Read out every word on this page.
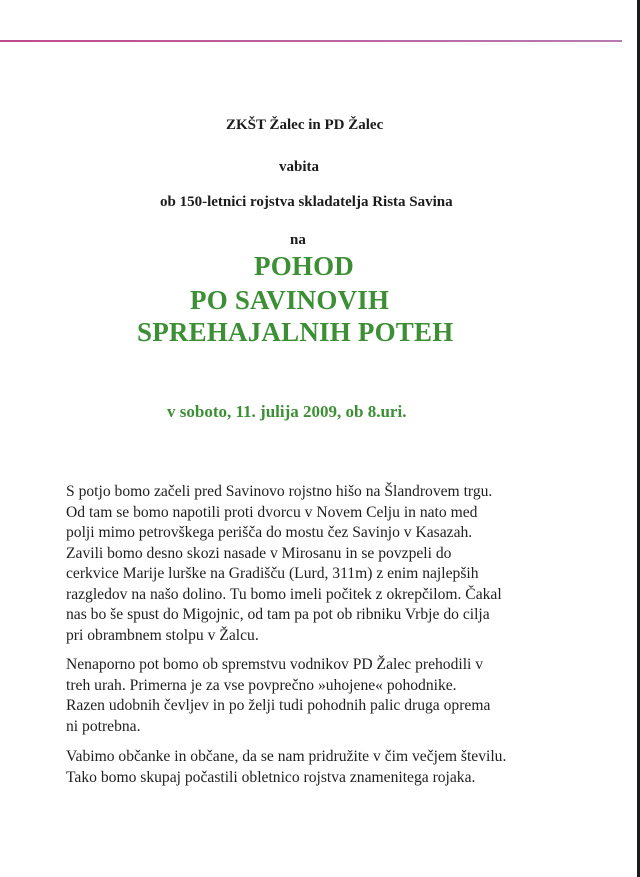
ZKŠT Žalec in PD Žalec
vabita
ob 150-letnici rojstva skladatelja Rista Savina
na
POHOD
PO SAVINOVIH
SPREHAJALNIH POTEH
v soboto, 11. julija 2009, ob 8.uri.
S potjo bomo začeli pred Savinovo rojstno hišo na Šlandrovem trgu.
Od tam se bomo napotili proti dvorcu v Novem Celju in nato med
polji mimo petrovškega perišča do mostu čez Savinjo v Kasazah.
Zavili bomo desno skozi nasade v Mirosanu in se povzpeli do
cerkvice Marije lurške na Gradišču (Lurd, 311m) z enim najlepših
razgledov na našo dolino. Tu bomo imeli počitek z okrepčilom. Čakal
nas bo še spust do Migojnic, od tam pa pot ob ribniku Vrbje do cilja
pri obrambnem stolpu v Žalcu.
Nenaporno pot bomo ob spremstvu vodnikov PD Žalec prehodili v
treh urah. Primerna je za vse povprečno »uhojene« pohodnike.
Razen udobnih čevljev in po želji tudi pohodnih palic druga oprema
ni potrebna.
Vabimo občanke in občane, da se nam pridružite v čim večjem številu.
Tako bomo skupaj počastili obletnico rojstva znamenitega rojaka.
